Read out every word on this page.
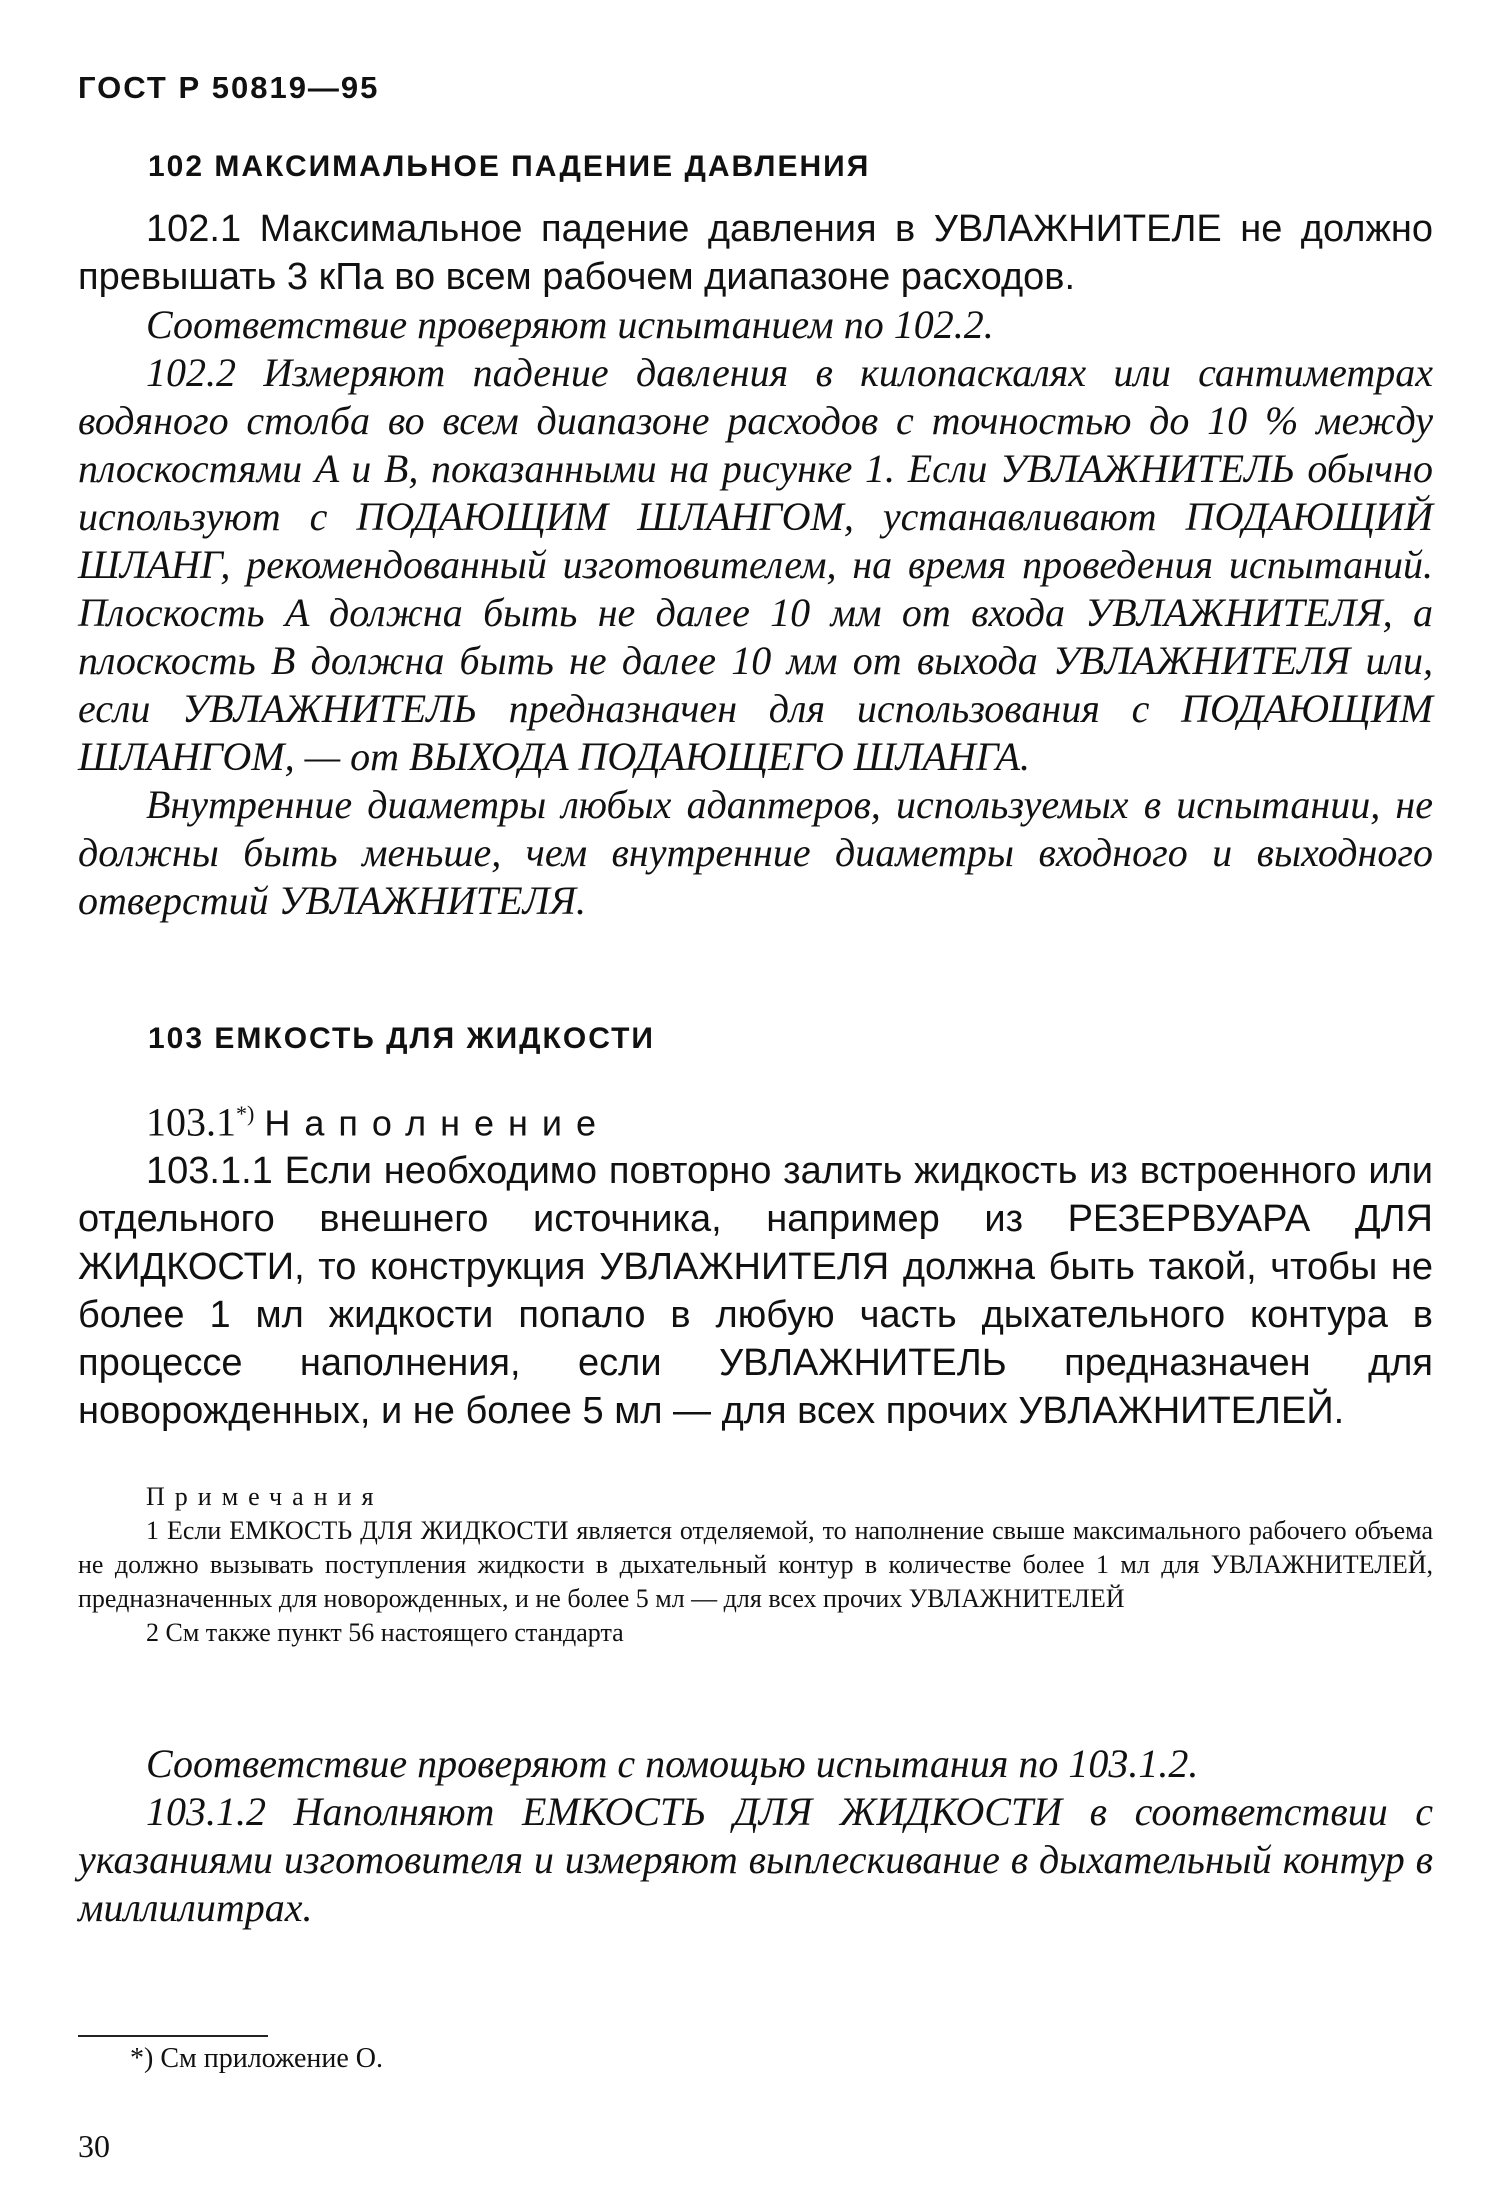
ГОСТ Р 50819—95
102 МАКСИМАЛЬНОЕ ПАДЕНИЕ ДАВЛЕНИЯ

102.1 Максимальное падение давления в УВЛАЖНИТЕЛЕ не должно превышать 3 кПа во всем рабочем диапазоне расходов.

Соответствие проверяют испытанием по 102.2.

102.2 Измеряют падение давления в килопаскалях или сантиметрах водяного столба во всем диапазоне расходов с точностью до 10 % между плоскостями A и B, показанными на рисунке 1. Если УВЛАЖНИТЕЛЬ обычно используют с ПОДАЮЩИМ ШЛАНГОМ, устанавливают ПОДАЮЩИЙ ШЛАНГ, рекомендованный изготовителем, на время проведения испытаний. Плоскость A должна быть не далее 10 мм от входа УВЛАЖНИТЕЛЯ, а плоскость B должна быть не далее 10 мм от выхода УВЛАЖНИТЕЛЯ или, если УВЛАЖНИТЕЛЬ предназначен для использования с ПОДАЮЩИМ ШЛАНГОМ, — от ВЫХОДА ПОДАЮЩЕГО ШЛАНГА.

Внутренние диаметры любых адаптеров, используемых в испытании, не должны быть меньше, чем внутренние диаметры входного и выходного отверстий УВЛАЖНИТЕЛЯ.

103 ЕМКОСТЬ ДЛЯ ЖИДКОСТИ
103.1*) Наполнение

103.1.1 Если необходимо повторно залить жидкость из встроенного или отдельного внешнего источника, например из РЕЗЕРВУАРА ДЛЯ ЖИДКОСТИ, то конструкция УВЛАЖНИТЕЛЯ должна быть такой, чтобы не более 1 мл жидкости попало в любую часть дыхательного контура в процессе наполнения, если УВЛАЖНИТЕЛЬ предназначен для новорожденных, и не более 5 мл — для всех прочих УВЛАЖНИТЕЛЕЙ.

Примечания

1 Если ЕМКОСТЬ ДЛЯ ЖИДКОСТИ является отделяемой, то наполнение свыше максимального рабочего объема не должно вызывать поступления жидкости в дыхательный контур в количестве более 1 мл для УВЛАЖНИТЕЛЕЙ, предназначенных для новорожденных, и не более 5 мл — для всех прочих УВЛАЖНИТЕЛЕЙ

2 См также пункт 56 настоящего стандарта

Соответствие проверяют с помощью испытания по 103.1.2.

103.1.2 Наполняют ЕМКОСТЬ ДЛЯ ЖИДКОСТИ в соответствии с указаниями изготовителя и измеряют выплескивание в дыхательный контур в миллилитрах.

*) См приложение О.
30
